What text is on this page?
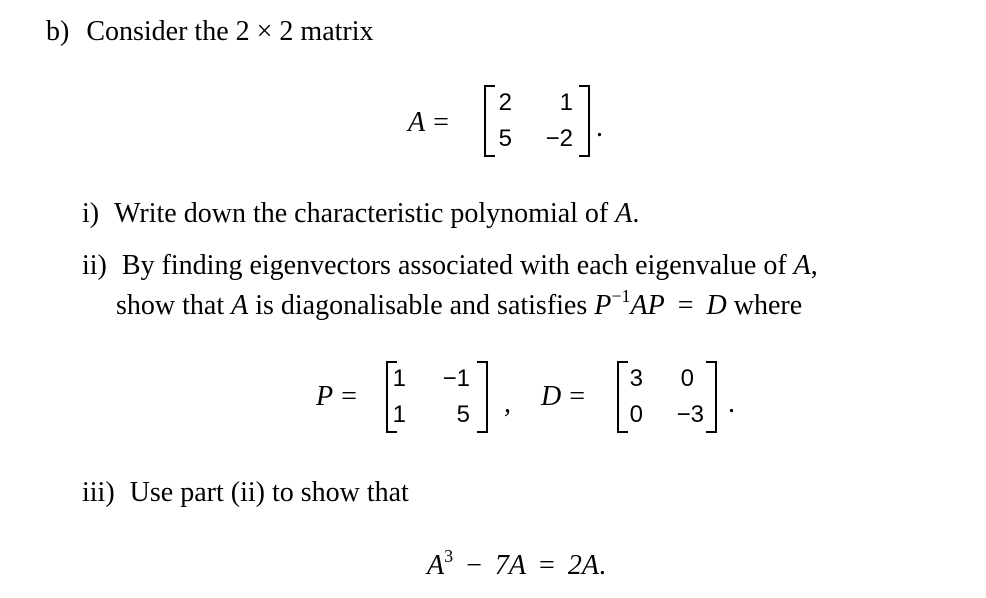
b) Consider the 2 × 2 matrix
A =
2	1
5	−2 .
i) Write down the characteristic polynomial of A.
ii) By finding eigenvectors associated with each eigenvalue of A,
show that A is diagonalisable and satisfies $P^{-1}AP = D$ where
P =
1	−1
1	5 , D =
3	0
0	−3 .
iii) Use part (ii) to show that
$A^3 - 7A = 2A$.
